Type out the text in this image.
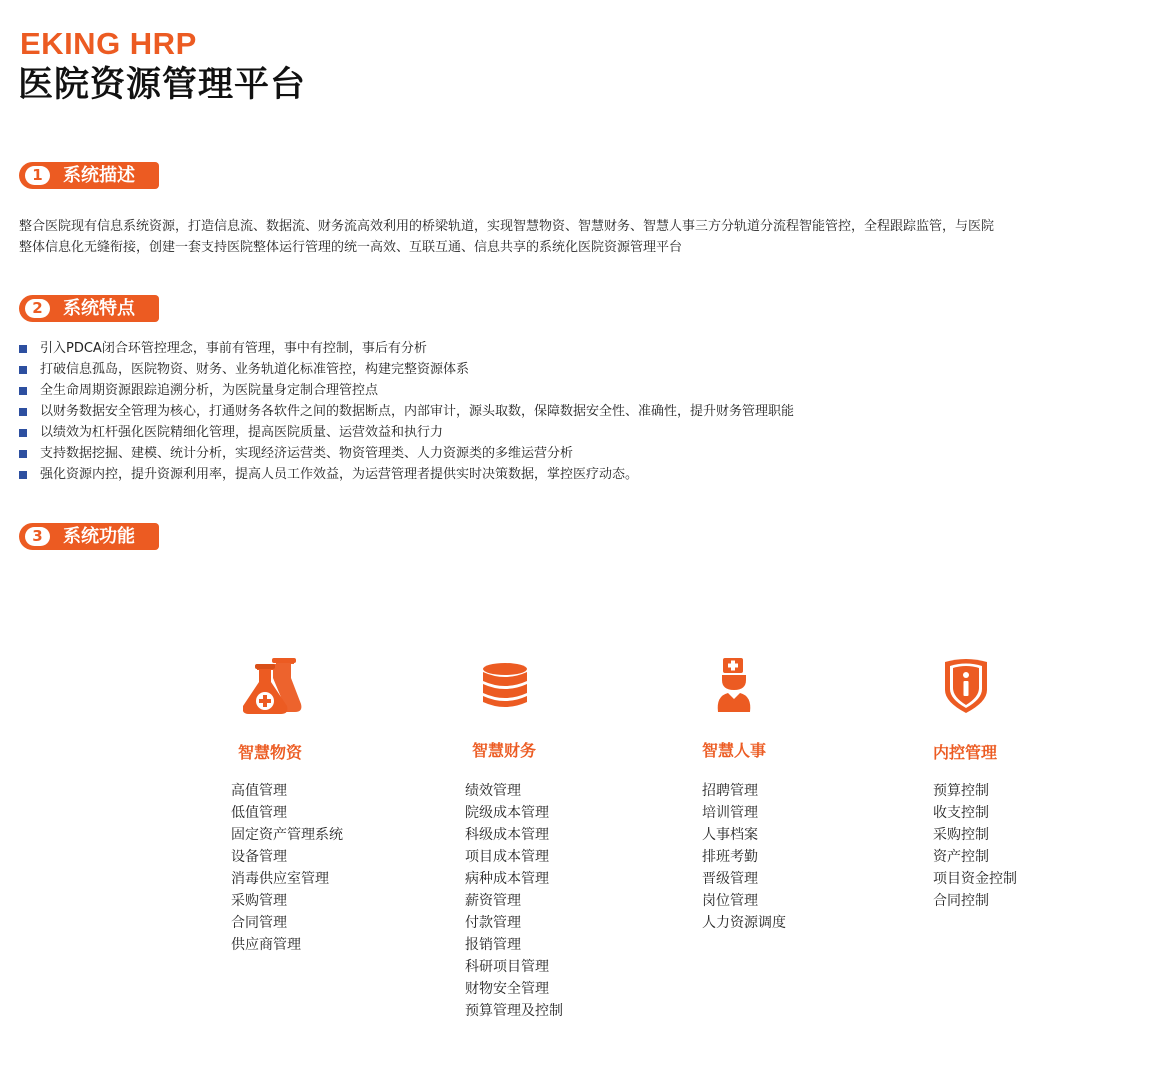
EKING HRP
医院资源管理平台
1	系统描述

整合医院现有信息系统资源，打造信息流、数据流、财务流高效利用的桥梁轨道，实现智慧物资、智慧财务、智慧人事三方分轨道分流程智能管控，全程跟踪监管，与医院整体信息化无缝衔接，创建一套支持医院整体运行管理的统一高效、互联互通、信息共享的系统化医院资源管理平台

2	系统特点
引入PDCA闭合环管控理念，事前有管理，事中有控制，事后有分析
打破信息孤岛，医院物资、财务、业务轨道化标准管控，构建完整资源体系
全生命周期资源跟踪追溯分析，为医院量身定制合理管控点
以财务数据安全管理为核心，打通财务各软件之间的数据断点，内部审计，源头取数，保障数据安全性、准确性，提升财务管理职能
以绩效为杠杆强化医院精细化管理，提高医院质量、运营效益和执行力
支持数据挖掘、建模、统计分析，实现经济运营类、物资管理类、人力资源类的多维运营分析
强化资源内控，提升资源利用率，提高人员工作效益，为运营管理者提供实时决策数据，掌控医疗动态。
3	系统功能
智慧物资
高值管理
低值管理
固定资产管理系统
设备管理
消毒供应室管理
采购管理
合同管理
供应商管理
智慧财务
绩效管理
院级成本管理
科级成本管理
项目成本管理
病种成本管理
薪资管理
付款管理
报销管理
科研项目管理
财物安全管理
预算管理及控制
智慧人事
招聘管理
培训管理
人事档案
排班考勤
晋级管理
岗位管理
人力资源调度
内控管理
预算控制
收支控制
采购控制
资产控制
项目资金控制
合同控制
